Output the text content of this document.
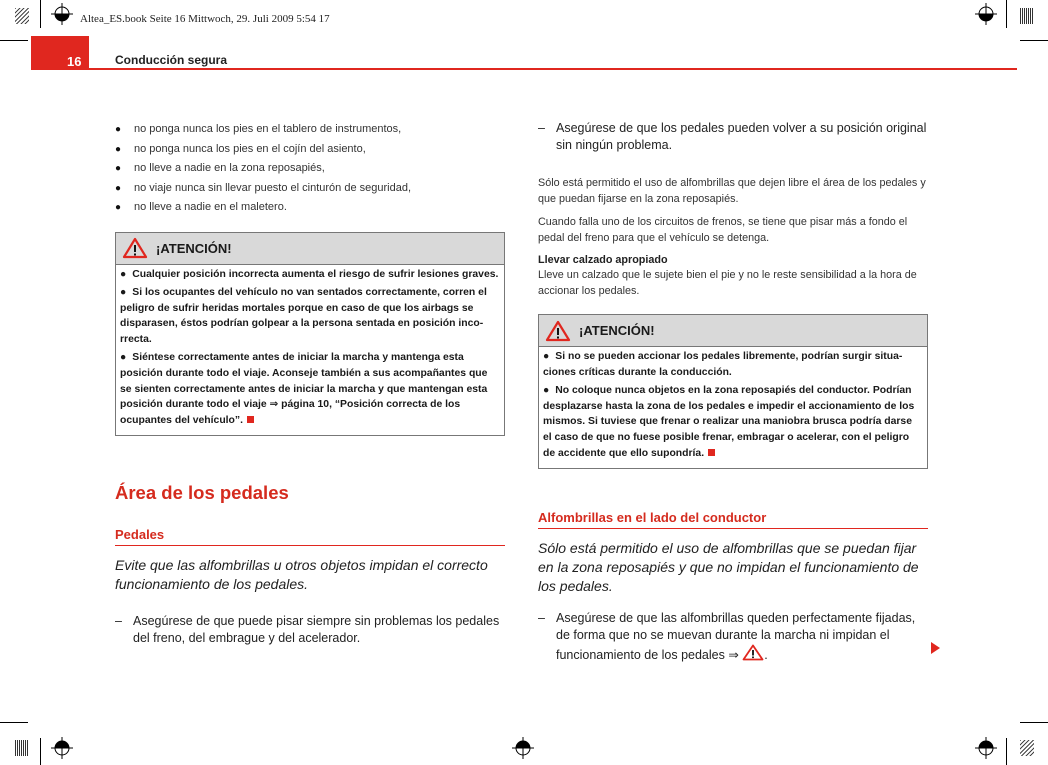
Altea_ES.book Seite 16 Mittwoch, 29. Juli 2009 5:54 17
16	Conducción segura
● no ponga nunca los pies en el tablero de instrumentos,
● no ponga nunca los pies en el cojín del asiento,
● no lleve a nadie en la zona reposapiés,
● no viaje nunca sin llevar puesto el cinturón de seguridad,
● no lleve a nadie en el maletero.
¡ATENCIÓN!
● Cualquier posición incorrecta aumenta el riesgo de sufrir lesiones graves.
● Si los ocupantes del vehículo no van sentados correctamente, corren el peligro de sufrir heridas mortales porque en caso de que los airbags se disparasen, éstos podrían golpear a la persona sentada en posición inco-rrecta.
● Siéntese correctamente antes de iniciar la marcha y mantenga esta posición durante todo el viaje. Aconseje también a sus acompañantes que se sienten correctamente antes de iniciar la marcha y que mantengan esta posición durante todo el viaje ⇒ página 10, “Posición correcta de los ocupantes del vehículo”.
Área de los pedales
Pedales

Evite que las alfombrillas u otros objetos impidan el correcto funcionamiento de los pedales.

– Asegúrese de que puede pisar siempre sin problemas los pedales del freno, del embrague y del acelerador.
– Asegúrese de que los pedales pueden volver a su posición original sin ningún problema.

Sólo está permitido el uso de alfombrillas que dejen libre el área de los pedales y que puedan fijarse en la zona reposapiés.

Cuando falla uno de los circuitos de frenos, se tiene que pisar más a fondo el pedal del freno para que el vehículo se detenga.

Llevar calzado apropiado

Lleve un calzado que le sujete bien el pie y no le reste sensibilidad a la hora de accionar los pedales.

¡ATENCIÓN!
● Si no se pueden accionar los pedales libremente, podrían surgir situa-ciones críticas durante la conducción.
● No coloque nunca objetos en la zona reposapiés del conductor. Podrían desplazarse hasta la zona de los pedales e impedir el accionamiento de los mismos. Si tuviese que frenar o realizar una maniobra brusca podría darse el caso de que no fuese posible frenar, embragar o acelerar, con el peligro de accidente que ello supondría.
Alfombrillas en el lado del conductor

Sólo está permitido el uso de alfombrillas que se puedan fijar en la zona reposapiés y que no impidan el funcionamiento de los pedales.

– Asegúrese de que las alfombrillas queden perfectamente fijadas, de forma que no se muevan durante la marcha ni impidan el funcionamiento de los pedales ⇒ .
